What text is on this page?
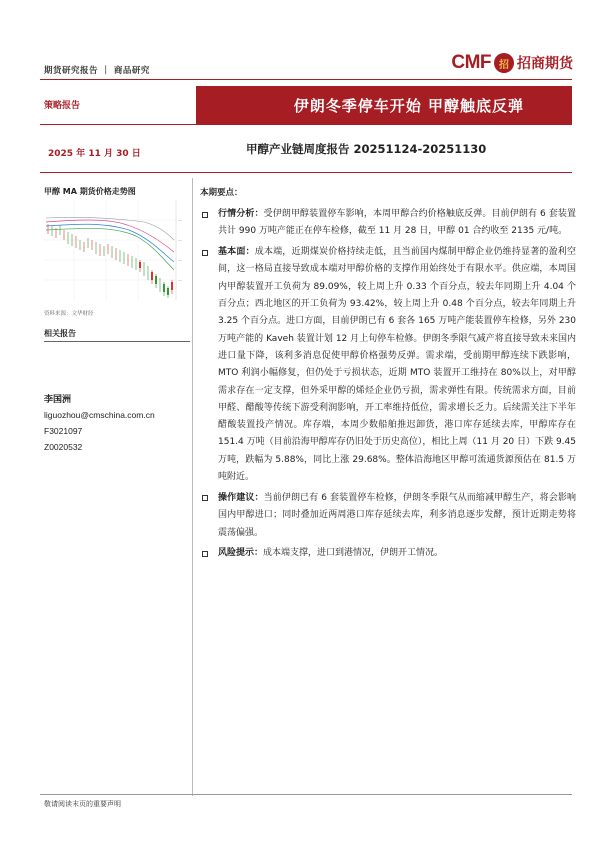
期货研究报告 ｜ 商品研究	CMF 招 招商期货
策略报告	伊朗冬季停车开始 甲醇触底反弹
2025 年 11 月 30 日	甲醇产业链周度报告 20251124-20251130
甲醇 MA 期货价格走势图
—
—
—
—
资料来源：文华财经
相关报告
李国洲
liguozhou@cmschina.com.cn
F3021097
Z0020532
本期要点：
行情分析：受伊朗甲醇装置停车影响，本周甲醇合约价格触底反弹。目前伊朗有 6 套装置共计 990 万吨产能正在停车检修，截至 11 月 28 日，甲醇 01 合约收至 2135 元/吨。
基本面：成本端，近期煤炭价格持续走低，且当前国内煤制甲醇企业仍维持显著的盈利空间，这一格局直接导致成本端对甲醇价格的支撑作用始终处于有限水平。供应端，本周国内甲醇装置开工负荷为 89.09%，较上周上升 0.33 个百分点，较去年同期上升 4.04 个百分点；西北地区的开工负荷为 93.42%，较上周上升 0.48 个百分点，较去年同期上升 3.25 个百分点。进口方面，目前伊朗已有 6 套各 165 万吨产能装置停车检修，另外 230 万吨产能的 Kaveh 装置计划 12 月上旬停车检修。伊朗冬季限气减产将直接导致未来国内进口量下降，该利多消息促使甲醇价格强势反弹。需求端，受前期甲醇连续下跌影响，MTO 利润小幅修复，但仍处于亏损状态，近期 MTO 装置开工维持在 80%以上，对甲醇需求存在一定支撑，但外采甲醇的烯烃企业仍亏损，需求弹性有限。传统需求方面，目前甲醛、醋酸等传统下游受利润影响，开工率维持低位，需求增长乏力。后续需关注下半年醋酸装置投产情况。库存端，本周少数船舶推迟卸货，港口库存延续去库，甲醇库存在 151.4 万吨（目前沿海甲醇库存仍旧处于历史高位），相比上周（11 月 20 日）下跌 9.45 万吨，跌幅为 5.88%，同比上涨 29.68%。整体沿海地区甲醇可流通货源预估在 81.5 万吨附近。
操作建议：当前伊朗已有 6 套装置停车检修，伊朗冬季限气从而缩减甲醇生产，将会影响国内甲醇进口；同时叠加近两周港口库存延续去库，利多消息逐步发酵，预计近期走势将震荡偏强。
风险提示：成本端支撑，进口到港情况，伊朗开工情况。
敬请阅读末页的重要声明
